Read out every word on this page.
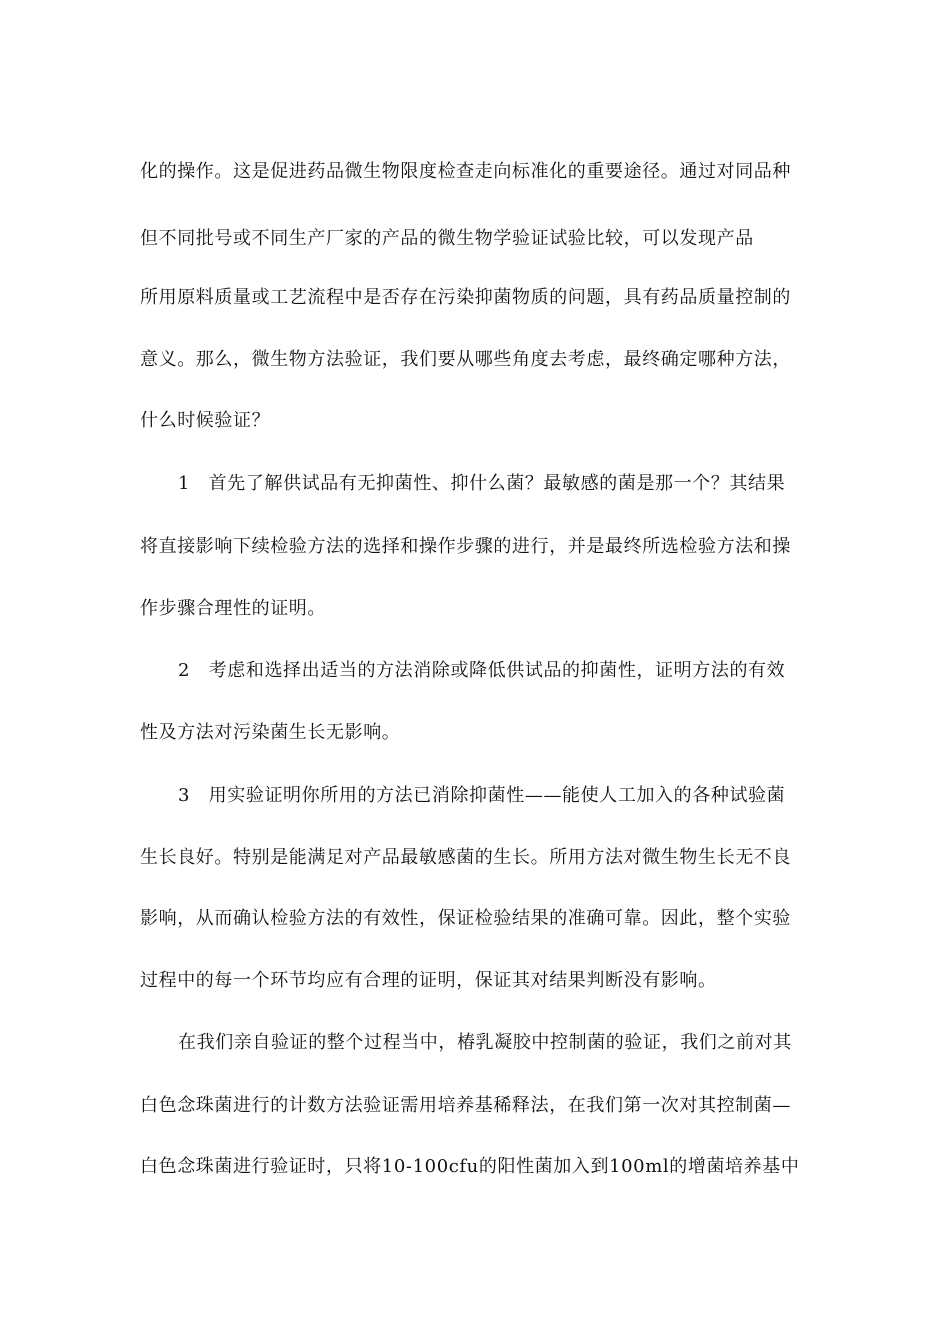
化的操作。这是促进药品微生物限度检查走向标准化的重要途径。通过对同品种
但不同批号或不同生产厂家的产品的微生物学验证试验比较，可以发现产品
所用原料质量或工艺流程中是否存在污染抑菌物质的问题，具有药品质量控制的
意义。那么，微生物方法验证，我们要从哪些角度去考虑，最终确定哪种方法，
什么时候验证？
1　首先了解供试品有无抑菌性、抑什么菌？最敏感的菌是那一个？其结果
将直接影响下续检验方法的选择和操作步骤的进行，并是最终所选检验方法和操
作步骤合理性的证明。
2　考虑和选择出适当的方法消除或降低供试品的抑菌性，证明方法的有效
性及方法对污染菌生长无影响。
3　用实验证明你所用的方法已消除抑菌性——能使人工加入的各种试验菌
生长良好。特别是能满足对产品最敏感菌的生长。所用方法对微生物生长无不良
影响，从而确认检验方法的有效性，保证检验结果的准确可靠。因此，整个实验
过程中的每一个环节均应有合理的证明，保证其对结果判断没有影响。
在我们亲自验证的整个过程当中，椿乳凝胶中控制菌的验证，我们之前对其
白色念珠菌进行的计数方法验证需用培养基稀释法，在我们第一次对其控制菌—
白色念珠菌进行验证时，只将10-100cfu的阳性菌加入到100ml的增菌培养基中
